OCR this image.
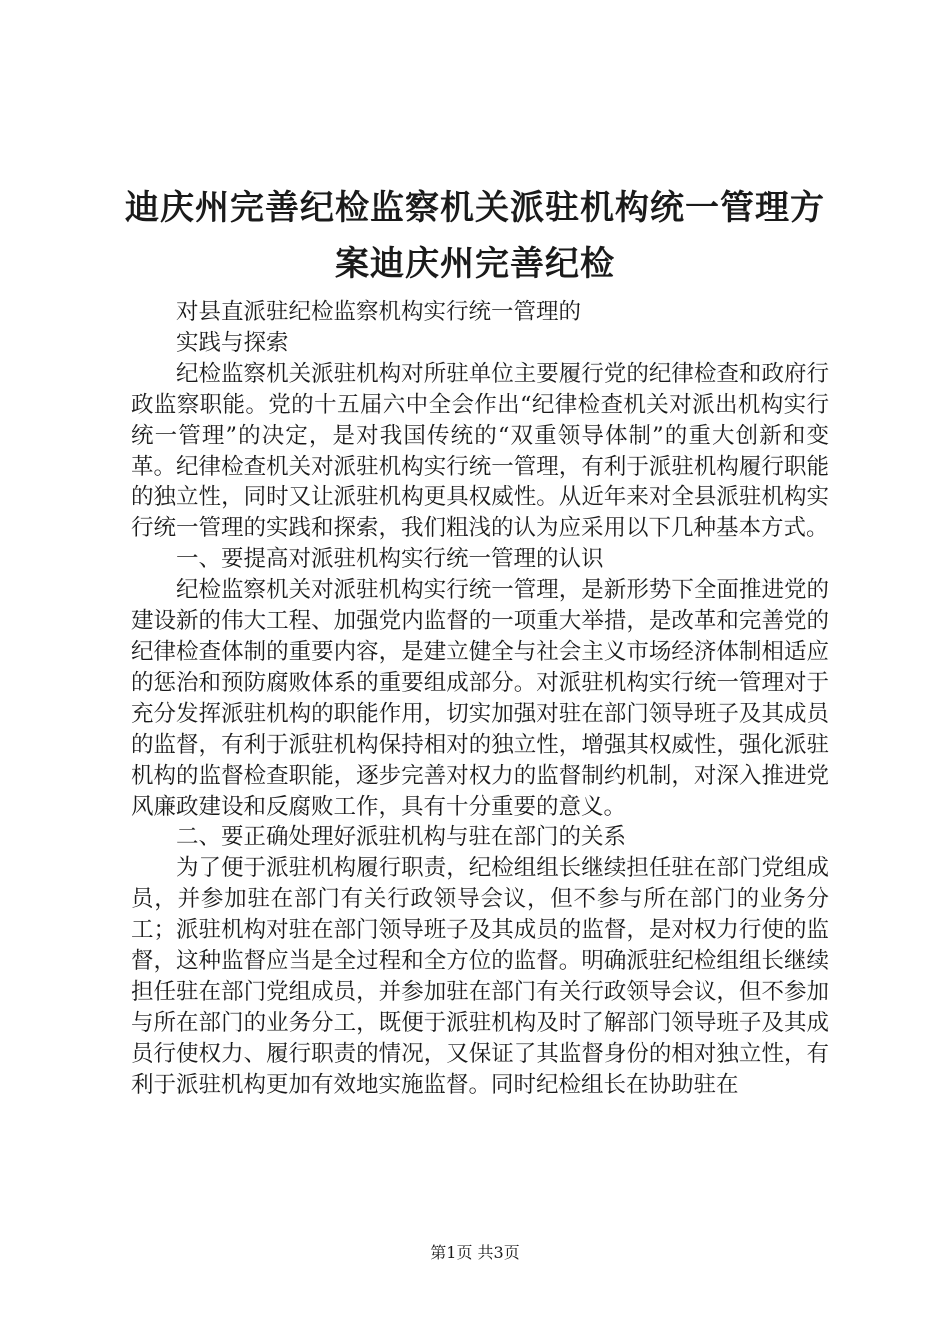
迪庆州完善纪检监察机关派驻机构统一管理方案迪庆州完善纪检

对县直派驻纪检监察机构实行统一管理的

实践与探索

纪检监察机关派驻机构对所驻单位主要履行党的纪律检查和政府行政监察职能。党的十五届六中全会作出“纪律检查机关对派出机构实行统一管理”的决定，是对我国传统的“双重领导体制”的重大创新和变革。纪律检查机关对派驻机构实行统一管理，有利于派驻机构履行职能的独立性，同时又让派驻机构更具权威性。从近年来对全县派驻机构实行统一管理的实践和探索，我们粗浅的认为应采用以下几种基本方式。

一、要提高对派驻机构实行统一管理的认识

纪检监察机关对派驻机构实行统一管理，是新形势下全面推进党的建设新的伟大工程、加强党内监督的一项重大举措，是改革和完善党的纪律检查体制的重要内容，是建立健全与社会主义市场经济体制相适应的惩治和预防腐败体系的重要组成部分。对派驻机构实行统一管理对于充分发挥派驻机构的职能作用，切实加强对驻在部门领导班子及其成员的监督，有利于派驻机构保持相对的独立性，增强其权威性，强化派驻机构的监督检查职能，逐步完善对权力的监督制约机制，对深入推进党风廉政建设和反腐败工作，具有十分重要的意义。

二、要正确处理好派驻机构与驻在部门的关系

为了便于派驻机构履行职责，纪检组组长继续担任驻在部门党组成员，并参加驻在部门有关行政领导会议，但不参与所在部门的业务分工；派驻机构对驻在部门领导班子及其成员的监督，是对权力行使的监督，这种监督应当是全过程和全方位的监督。明确派驻纪检组组长继续担任驻在部门党组成员，并参加驻在部门有关行政领导会议，但不参加与所在部门的业务分工，既便于派驻机构及时了解部门领导班子及其成员行使权力、履行职责的情况，又保证了其监督身份的相对独立性，有利于派驻机构更加有效地实施监督。同时纪检组长在协助驻在

第1页 共3页
